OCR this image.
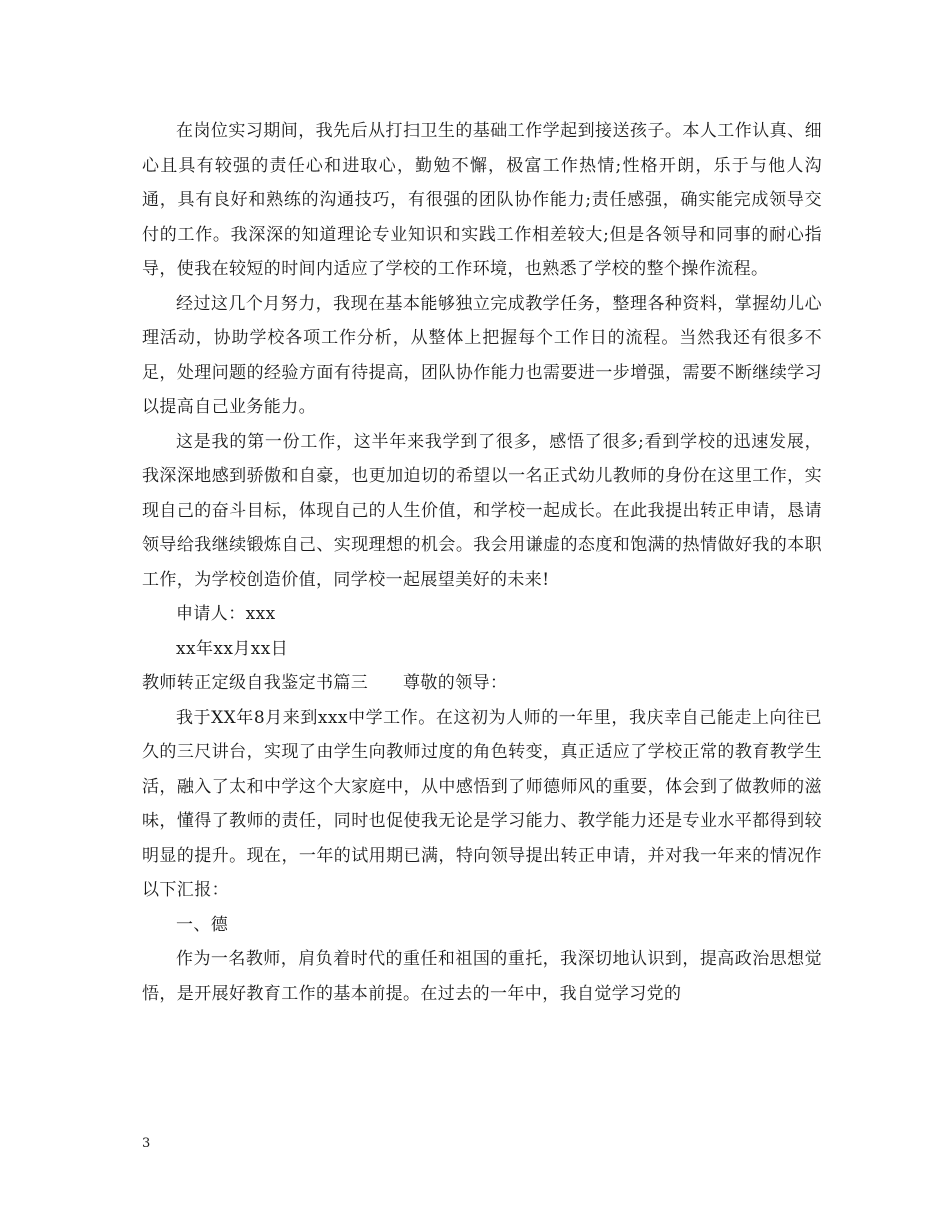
在岗位实习期间，我先后从打扫卫生的基础工作学起到接送孩子。本人工作认真、细心且具有较强的责任心和进取心，勤勉不懈，极富工作热情;性格开朗，乐于与他人沟通，具有良好和熟练的沟通技巧，有很强的团队协作能力;责任感强，确实能完成领导交付的工作。我深深的知道理论专业知识和实践工作相差较大;但是各领导和同事的耐心指导，使我在较短的时间内适应了学校的工作环境，也熟悉了学校的整个操作流程。

经过这几个月努力，我现在基本能够独立完成教学任务，整理各种资料，掌握幼儿心理活动，协助学校各项工作分析，从整体上把握每个工作日的流程。当然我还有很多不足，处理问题的经验方面有待提高，团队协作能力也需要进一步增强，需要不断继续学习以提高自己业务能力。

这是我的第一份工作，这半年来我学到了很多，感悟了很多;看到学校的迅速发展，我深深地感到骄傲和自豪，也更加迫切的希望以一名正式幼儿教师的身份在这里工作，实现自己的奋斗目标，体现自己的人生价值，和学校一起成长。在此我提出转正申请，恳请领导给我继续锻炼自己、实现理想的机会。我会用谦虚的态度和饱满的热情做好我的本职工作，为学校创造价值，同学校一起展望美好的未来!

申请人：xxx

xx年xx月xx日

教师转正定级自我鉴定书篇三　　尊敬的领导：

我于XX年8月来到xxx中学工作。在这初为人师的一年里，我庆幸自己能走上向往已久的三尺讲台，实现了由学生向教师过度的角色转变，真正适应了学校正常的教育教学生活，融入了太和中学这个大家庭中，从中感悟到了师德师风的重要，体会到了做教师的滋味，懂得了教师的责任，同时也促使我无论是学习能力、教学能力还是专业水平都得到较明显的提升。现在，一年的试用期已满，特向领导提出转正申请，并对我一年来的情况作以下汇报：

一、德

作为一名教师，肩负着时代的重任和祖国的重托，我深切地认识到，提高政治思想觉悟，是开展好教育工作的基本前提。在过去的一年中，我自觉学习党的

3
